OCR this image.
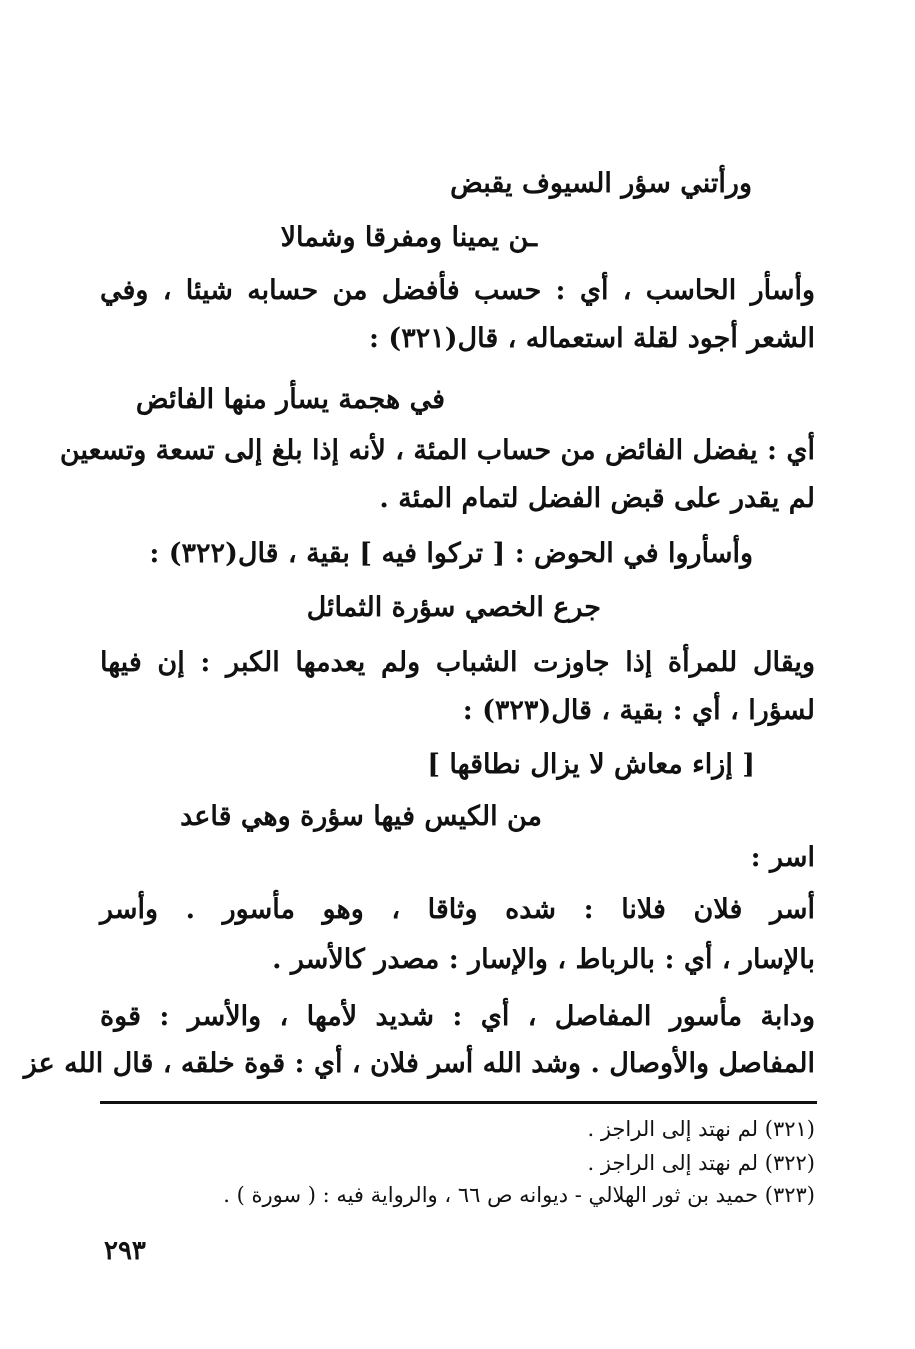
ورأتني سؤر السيوف يقبض
ـن يمينا ومفرقا وشمالا
وأسأر الحاسب ، أي : حسب فأفضل من حسابه شيئا ، وفي
الشعر أجود لقلة استعماله ، قال(٣٢١) :
في هجمة يسأر منها الفائض
أي : يفضل الفائض من حساب المئة ، لأنه إذا بلغ إلى تسعة وتسعين
لم يقدر على قبض الفضل لتمام المئة .
وأسأروا في الحوض : [ تركوا فيه ] بقية ، قال(٣٢٢) :
جرع الخصي سؤرة الثمائل
ويقال للمرأة إذا جاوزت الشباب ولم يعدمها الكبر : إن فيها
لسؤرا ، أي : بقية ، قال(٣٢٣) :
[ إزاء معاش لا يزال نطاقها ]
من الكيس فيها سؤرة وهي قاعد
اسر :
أسر فلان فلانا : شده وثاقا ، وهو مأسور . وأسر
بالإسار ، أي : بالرباط ، والإسار : مصدر كالأسر .
ودابة مأسور المفاصل ، أي : شديد لأمها ، والأسر : قوة
المفاصل والأوصال . وشد الله أسر فلان ، أي : قوة خلقه ، قال الله عز
(٣٢١) لم نهتد إلى الراجز .
(٣٢٢) لم نهتد إلى الراجز .
(٣٢٣) حميد بن ثور الهلالي - ديوانه ص ٦٦ ، والرواية فيه : ( سورة ) .
٢٩٣
